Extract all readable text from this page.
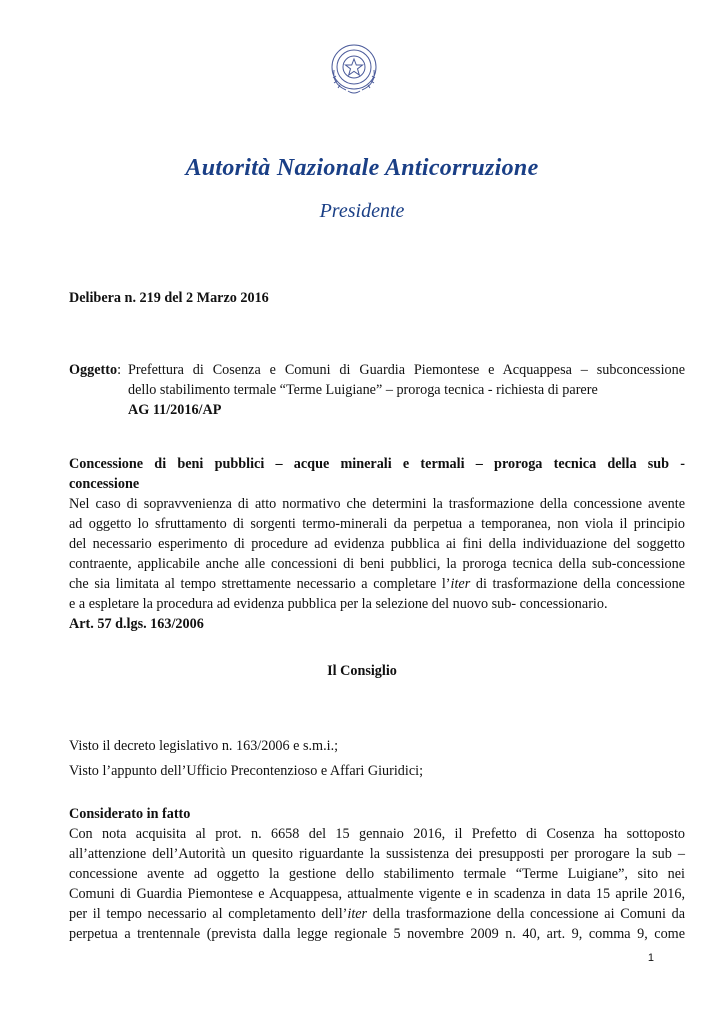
Autorità Nazionale Anticorruzione
Presidente
Delibera n. 219 del 2 Marzo 2016
Oggetto: Prefettura di Cosenza e Comuni di Guardia Piemontese e Acquappesa – subconcessione
dello stabilimento termale “Terme Luigiane” – proroga tecnica - richiesta di parere
AG 11/2016/AP
Concessione di beni pubblici – acque minerali e termali – proroga tecnica della sub -
concessione
Nel caso di sopravvenienza di atto normativo che determini la trasformazione della concessione avente
ad oggetto lo sfruttamento di sorgenti termo-minerali da perpetua a temporanea, non viola il principio
del necessario esperimento di procedure ad evidenza pubblica ai fini della individuazione del soggetto
contraente, applicabile anche alle concessioni di beni pubblici, la proroga tecnica della sub-concessione
che sia limitata al tempo strettamente necessario a completare l’iter di trasformazione della concessione
e a espletare la procedura ad evidenza pubblica per la selezione del nuovo sub- concessionario.
Art. 57 d.lgs. 163/2006
Il Consiglio
Visto il decreto legislativo n. 163/2006 e s.m.i.;
Visto l’appunto dell’Ufficio Precontenzioso e Affari Giuridici;
Considerato in fatto
Con nota acquisita al prot. n. 6658 del 15 gennaio 2016, il Prefetto di Cosenza ha sottoposto
all’attenzione dell’Autorità un quesito riguardante la sussistenza dei presupposti per prorogare la sub –
concessione avente ad oggetto la gestione dello stabilimento termale “Terme Luigiane”, sito nei
Comuni di Guardia Piemontese e Acquappesa, attualmente vigente e in scadenza in data 15 aprile 2016,
per il tempo necessario al completamento dell’iter della trasformazione della concessione ai Comuni da
perpetua a trentennale (prevista dalla legge regionale 5 novembre 2009 n. 40, art. 9, comma 9, come
1
